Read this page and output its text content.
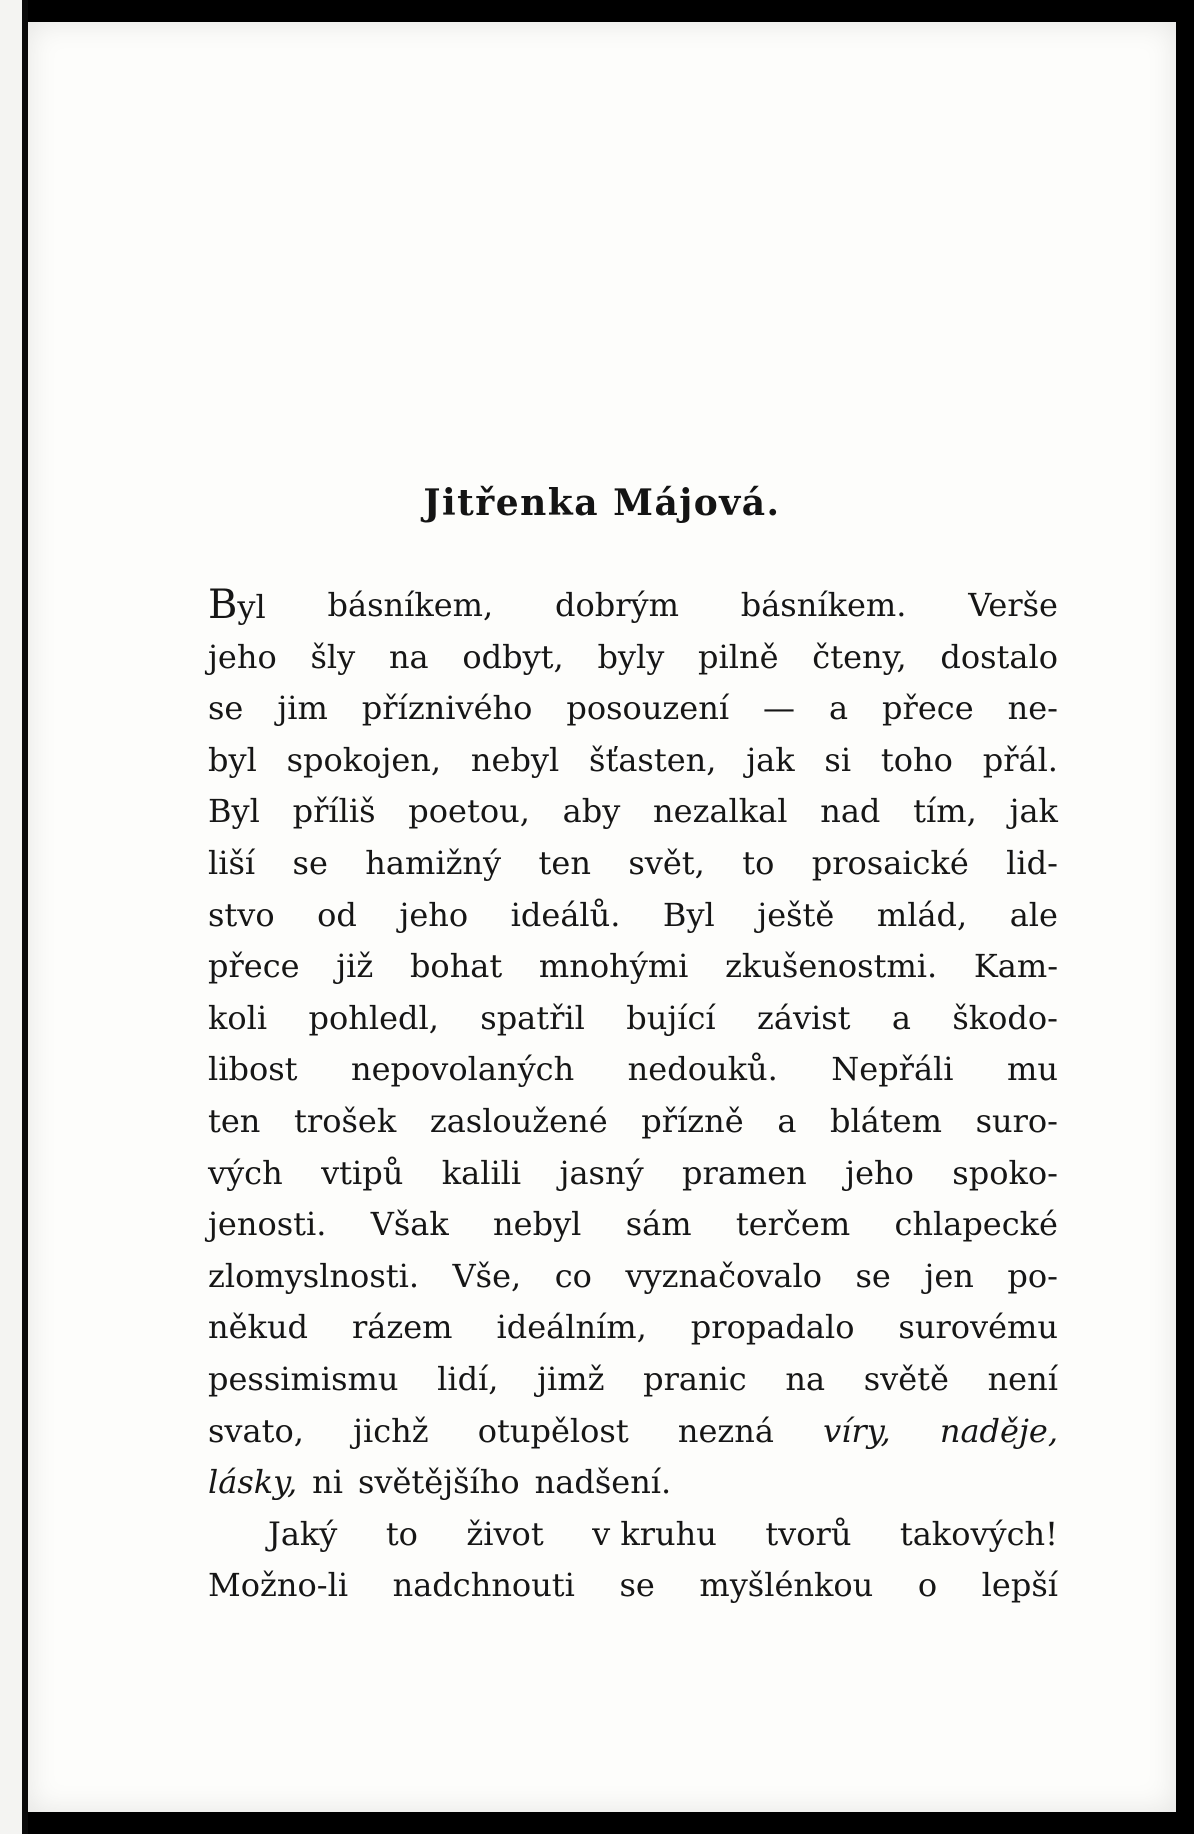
Jitřenka Májová.
Byl básníkem, dobrým básníkem. Verše
jeho šly na odbyt, byly pilně čteny, dostalo
se jim příznivého posouzení — a přece ne-
byl spokojen, nebyl šťasten, jak si toho přál.
Byl příliš poetou, aby nezalkal nad tím, jak
liší se hamižný ten svět, to prosaické lid-
stvo od jeho ideálů. Byl ještě mlád, ale
přece již bohat mnohými zkušenostmi. Kam-
koli pohledl, spatřil bující závist a škodo-
libost nepovolaných nedouků. Nepřáli mu
ten trošek zasloužené přízně a blátem suro-
vých vtipů kalili jasný pramen jeho spoko-
jenosti. Však nebyl sám terčem chlapecké
zlomyslnosti. Vše, co vyznačovalo se jen po-
někud rázem ideálním, propadalo surovému
pessimismu lidí, jimž pranic na světě není
svato, jichž otupělost nezná víry, naděje,
lásky, ni světějšího nadšení.
Jaký to život v kruhu tvorů takových!
Možno-li nadchnouti se myšlénkou o lepší
